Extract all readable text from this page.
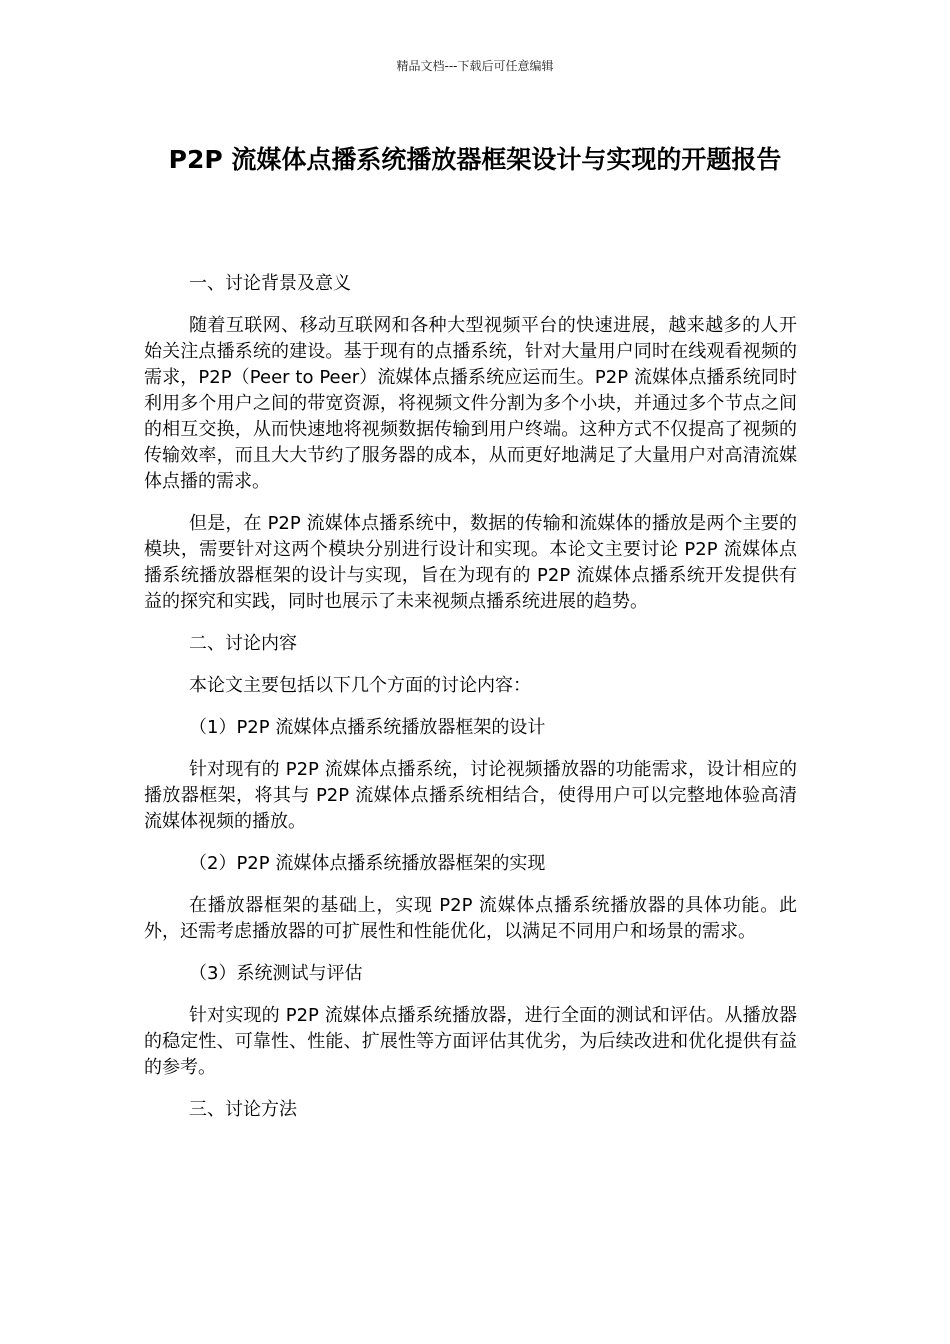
精品文档---下载后可任意编辑
P2P 流媒体点播系统播放器框架设计与实现的开题报告

一、讨论背景及意义

随着互联网、移动互联网和各种大型视频平台的快速进展，越来越多的人开始关注点播系统的建设。基于现有的点播系统，针对大量用户同时在线观看视频的需求，P2P（Peer to Peer）流媒体点播系统应运而生。P2P 流媒体点播系统同时利用多个用户之间的带宽资源，将视频文件分割为多个小块，并通过多个节点之间的相互交换，从而快速地将视频数据传输到用户终端。这种方式不仅提高了视频的传输效率，而且大大节约了服务器的成本，从而更好地满足了大量用户对高清流媒体点播的需求。

但是，在 P2P 流媒体点播系统中，数据的传输和流媒体的播放是两个主要的模块，需要针对这两个模块分别进行设计和实现。本论文主要讨论 P2P 流媒体点播系统播放器框架的设计与实现，旨在为现有的 P2P 流媒体点播系统开发提供有益的探究和实践，同时也展示了未来视频点播系统进展的趋势。

二、讨论内容

本论文主要包括以下几个方面的讨论内容：

（1）P2P 流媒体点播系统播放器框架的设计

针对现有的 P2P 流媒体点播系统，讨论视频播放器的功能需求，设计相应的播放器框架，将其与 P2P 流媒体点播系统相结合，使得用户可以完整地体验高清流媒体视频的播放。

（2）P2P 流媒体点播系统播放器框架的实现

在播放器框架的基础上，实现 P2P 流媒体点播系统播放器的具体功能。此外，还需考虑播放器的可扩展性和性能优化，以满足不同用户和场景的需求。

（3）系统测试与评估

针对实现的 P2P 流媒体点播系统播放器，进行全面的测试和评估。从播放器的稳定性、可靠性、性能、扩展性等方面评估其优劣，为后续改进和优化提供有益的参考。

三、讨论方法
